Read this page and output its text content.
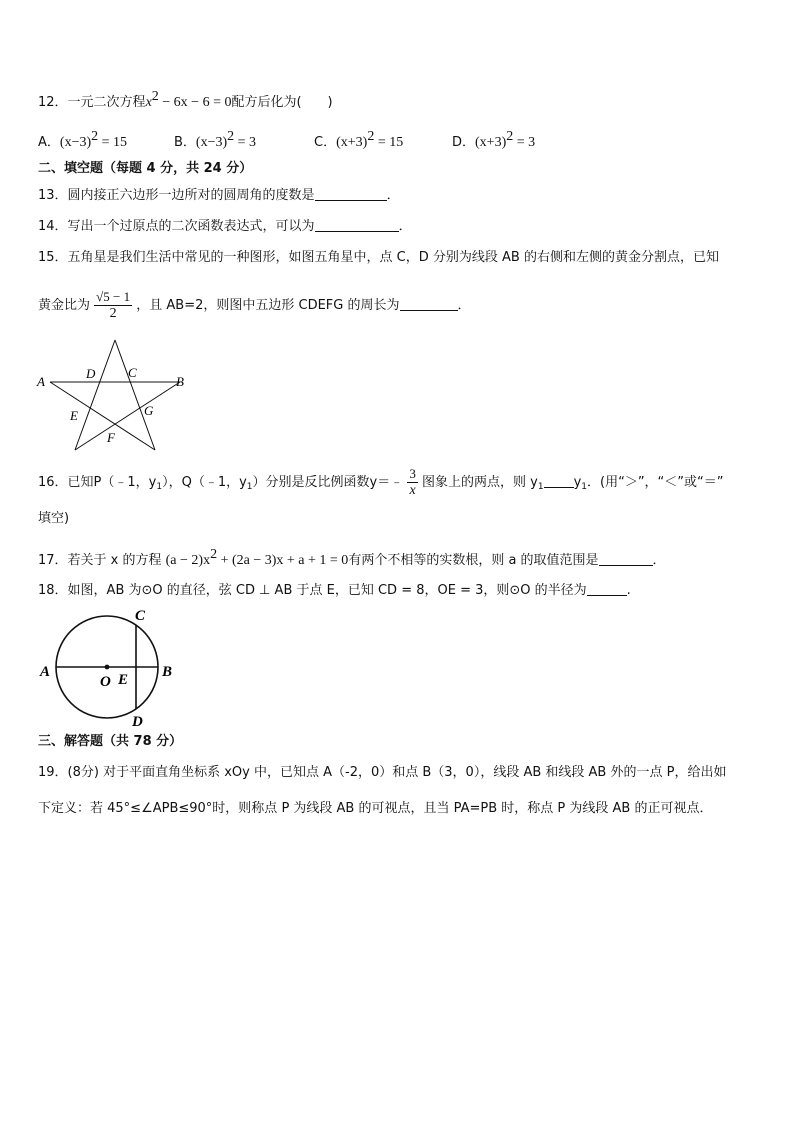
12．一元二次方程$x^2 - 6x - 6 = 0$配方后化为(　　)
A．$(x-3)^2 = 15$	B．$(x-3)^2 = 3$	C．$(x+3)^2 = 15$	D．$(x+3)^2 = 3$
二、填空题（每题 4 分，共 24 分）
13．圆内接正六边形一边所对的圆周角的度数是	．
14．写出一个过原点的二次函数表达式，可以为	．
15．五角星是我们生活中常见的一种图形，如图五角星中，点 C，D 分别为线段 AB 的右侧和左侧的黄金分割点，已知
黄金比为 $\frac{√5 - 1}{2}$ ，且 AB=2，则图中五边形 CDEFG 的周长为	．
A	B
C
D
E
F
G
16．已知P（﹣1，$y_1$），Q（﹣1，$y_1$）分别是反比例函数y＝﹣ $\frac{3}{x}$ 图象上的两点，则 $y_1$ $y_1$．(用“＞”，“＜”或“＝”
填空)
17．若关于 x 的方程 $(a - 2)x^2 + (2a - 3)x + a + 1 = 0$有两个不相等的实数根，则 a 的取值范围是	．
18．如图，AB 为⊙O 的直径，弦 CD ⊥ AB 于点 E，已知 CD = 8，OE = 3，则⊙O 的半径为	.
A	B
C
D
O E
三、解答题（共 78 分）
19．(8分) 对于平面直角坐标系 xOy 中，已知点 A（-2，0）和点 B（3，0），线段 AB 和线段 AB 外的一点 P，给出如
下定义：若 45°≤∠APB≤90°时，则称点 P 为线段 AB 的可视点，且当 PA=PB 时，称点 P 为线段 AB 的正可视点．
